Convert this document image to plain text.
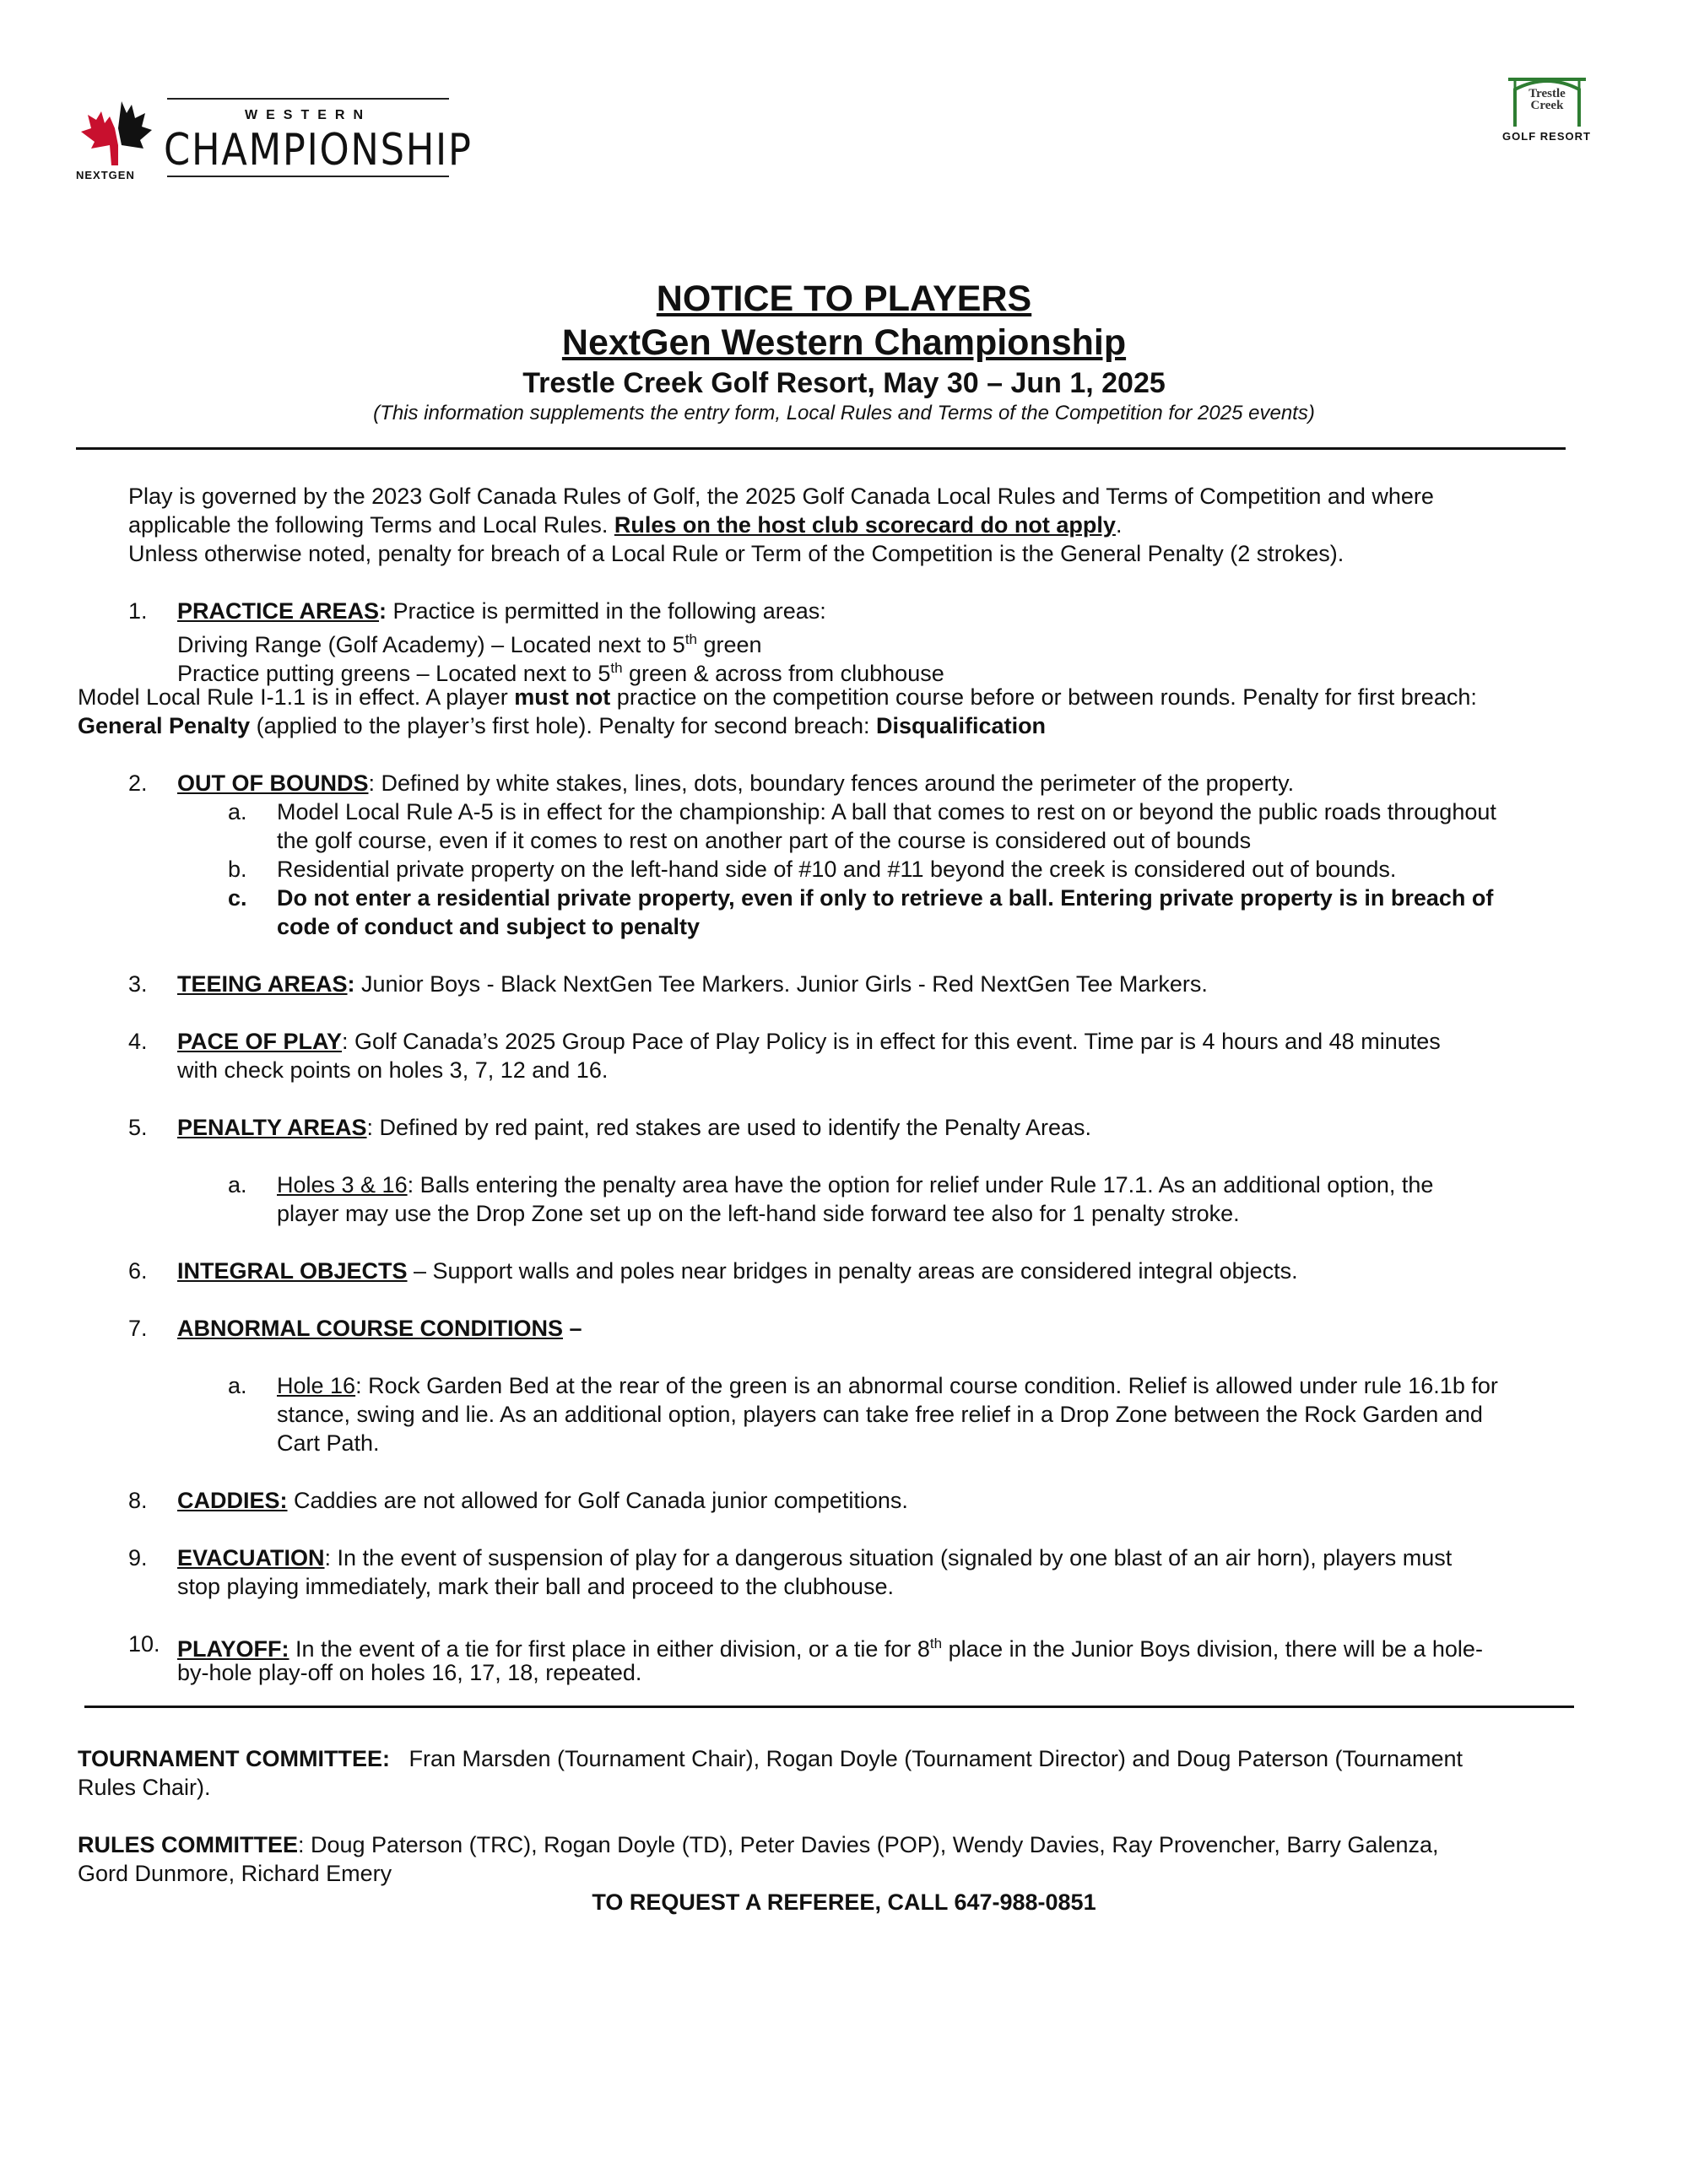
WESTERN
CHAMPIONSHIP
NEXTGEN
Trestle
Creek
GOLF RESORT
NOTICE TO PLAYERS
NextGen Western Championship
Trestle Creek Golf Resort, May 30 – Jun 1, 2025
(This information supplements the entry form, Local Rules and Terms of the Competition for 2025 events)
Play is governed by the 2023 Golf Canada Rules of Golf, the 2025 Golf Canada Local Rules and Terms of Competition and where
applicable the following Terms and Local Rules. Rules on the host club scorecard do not apply.
Unless otherwise noted, penalty for breach of a Local Rule or Term of the Competition is the General Penalty (2 strokes).
1. PRACTICE AREAS: Practice is permitted in the following areas:
Driving Range (Golf Academy) – Located next to 5th green
Practice putting greens – Located next to 5th green & across from clubhouse
Model Local Rule I-1.1 is in effect. A player must not practice on the competition course before or between rounds. Penalty for first breach:
General Penalty (applied to the player’s first hole). Penalty for second breach: Disqualification
2. OUT OF BOUNDS: Defined by white stakes, lines, dots, boundary fences around the perimeter of the property.
a. Model Local Rule A-5 is in effect for the championship: A ball that comes to rest on or beyond the public roads throughout
the golf course, even if it comes to rest on another part of the course is considered out of bounds
b. Residential private property on the left-hand side of #10 and #11 beyond the creek is considered out of bounds.
c. Do not enter a residential private property, even if only to retrieve a ball. Entering private property is in breach of
code of conduct and subject to penalty
3. TEEING AREAS: Junior Boys - Black NextGen Tee Markers. Junior Girls - Red NextGen Tee Markers.
4. PACE OF PLAY: Golf Canada’s 2025 Group Pace of Play Policy is in effect for this event. Time par is 4 hours and 48 minutes
with check points on holes 3, 7, 12 and 16.
5. PENALTY AREAS: Defined by red paint, red stakes are used to identify the Penalty Areas.
a. Holes 3 & 16: Balls entering the penalty area have the option for relief under Rule 17.1. As an additional option, the
player may use the Drop Zone set up on the left-hand side forward tee also for 1 penalty stroke.
6. INTEGRAL OBJECTS – Support walls and poles near bridges in penalty areas are considered integral objects.
7. ABNORMAL COURSE CONDITIONS –
a. Hole 16: Rock Garden Bed at the rear of the green is an abnormal course condition. Relief is allowed under rule 16.1b for
stance, swing and lie. As an additional option, players can take free relief in a Drop Zone between the Rock Garden and
Cart Path.
8. CADDIES: Caddies are not allowed for Golf Canada junior competitions.
9. EVACUATION: In the event of suspension of play for a dangerous situation (signaled by one blast of an air horn), players must
stop playing immediately, mark their ball and proceed to the clubhouse.
10. PLAYOFF: In the event of a tie for first place in either division, or a tie for 8th place in the Junior Boys division, there will be a hole-
by-hole play-off on holes 16, 17, 18, repeated.
TOURNAMENT COMMITTEE:   Fran Marsden (Tournament Chair), Rogan Doyle (Tournament Director) and Doug Paterson (Tournament
Rules Chair).
RULES COMMITTEE: Doug Paterson (TRC), Rogan Doyle (TD), Peter Davies (POP), Wendy Davies, Ray Provencher, Barry Galenza,
Gord Dunmore, Richard Emery
TO REQUEST A REFEREE, CALL 647-988-0851
